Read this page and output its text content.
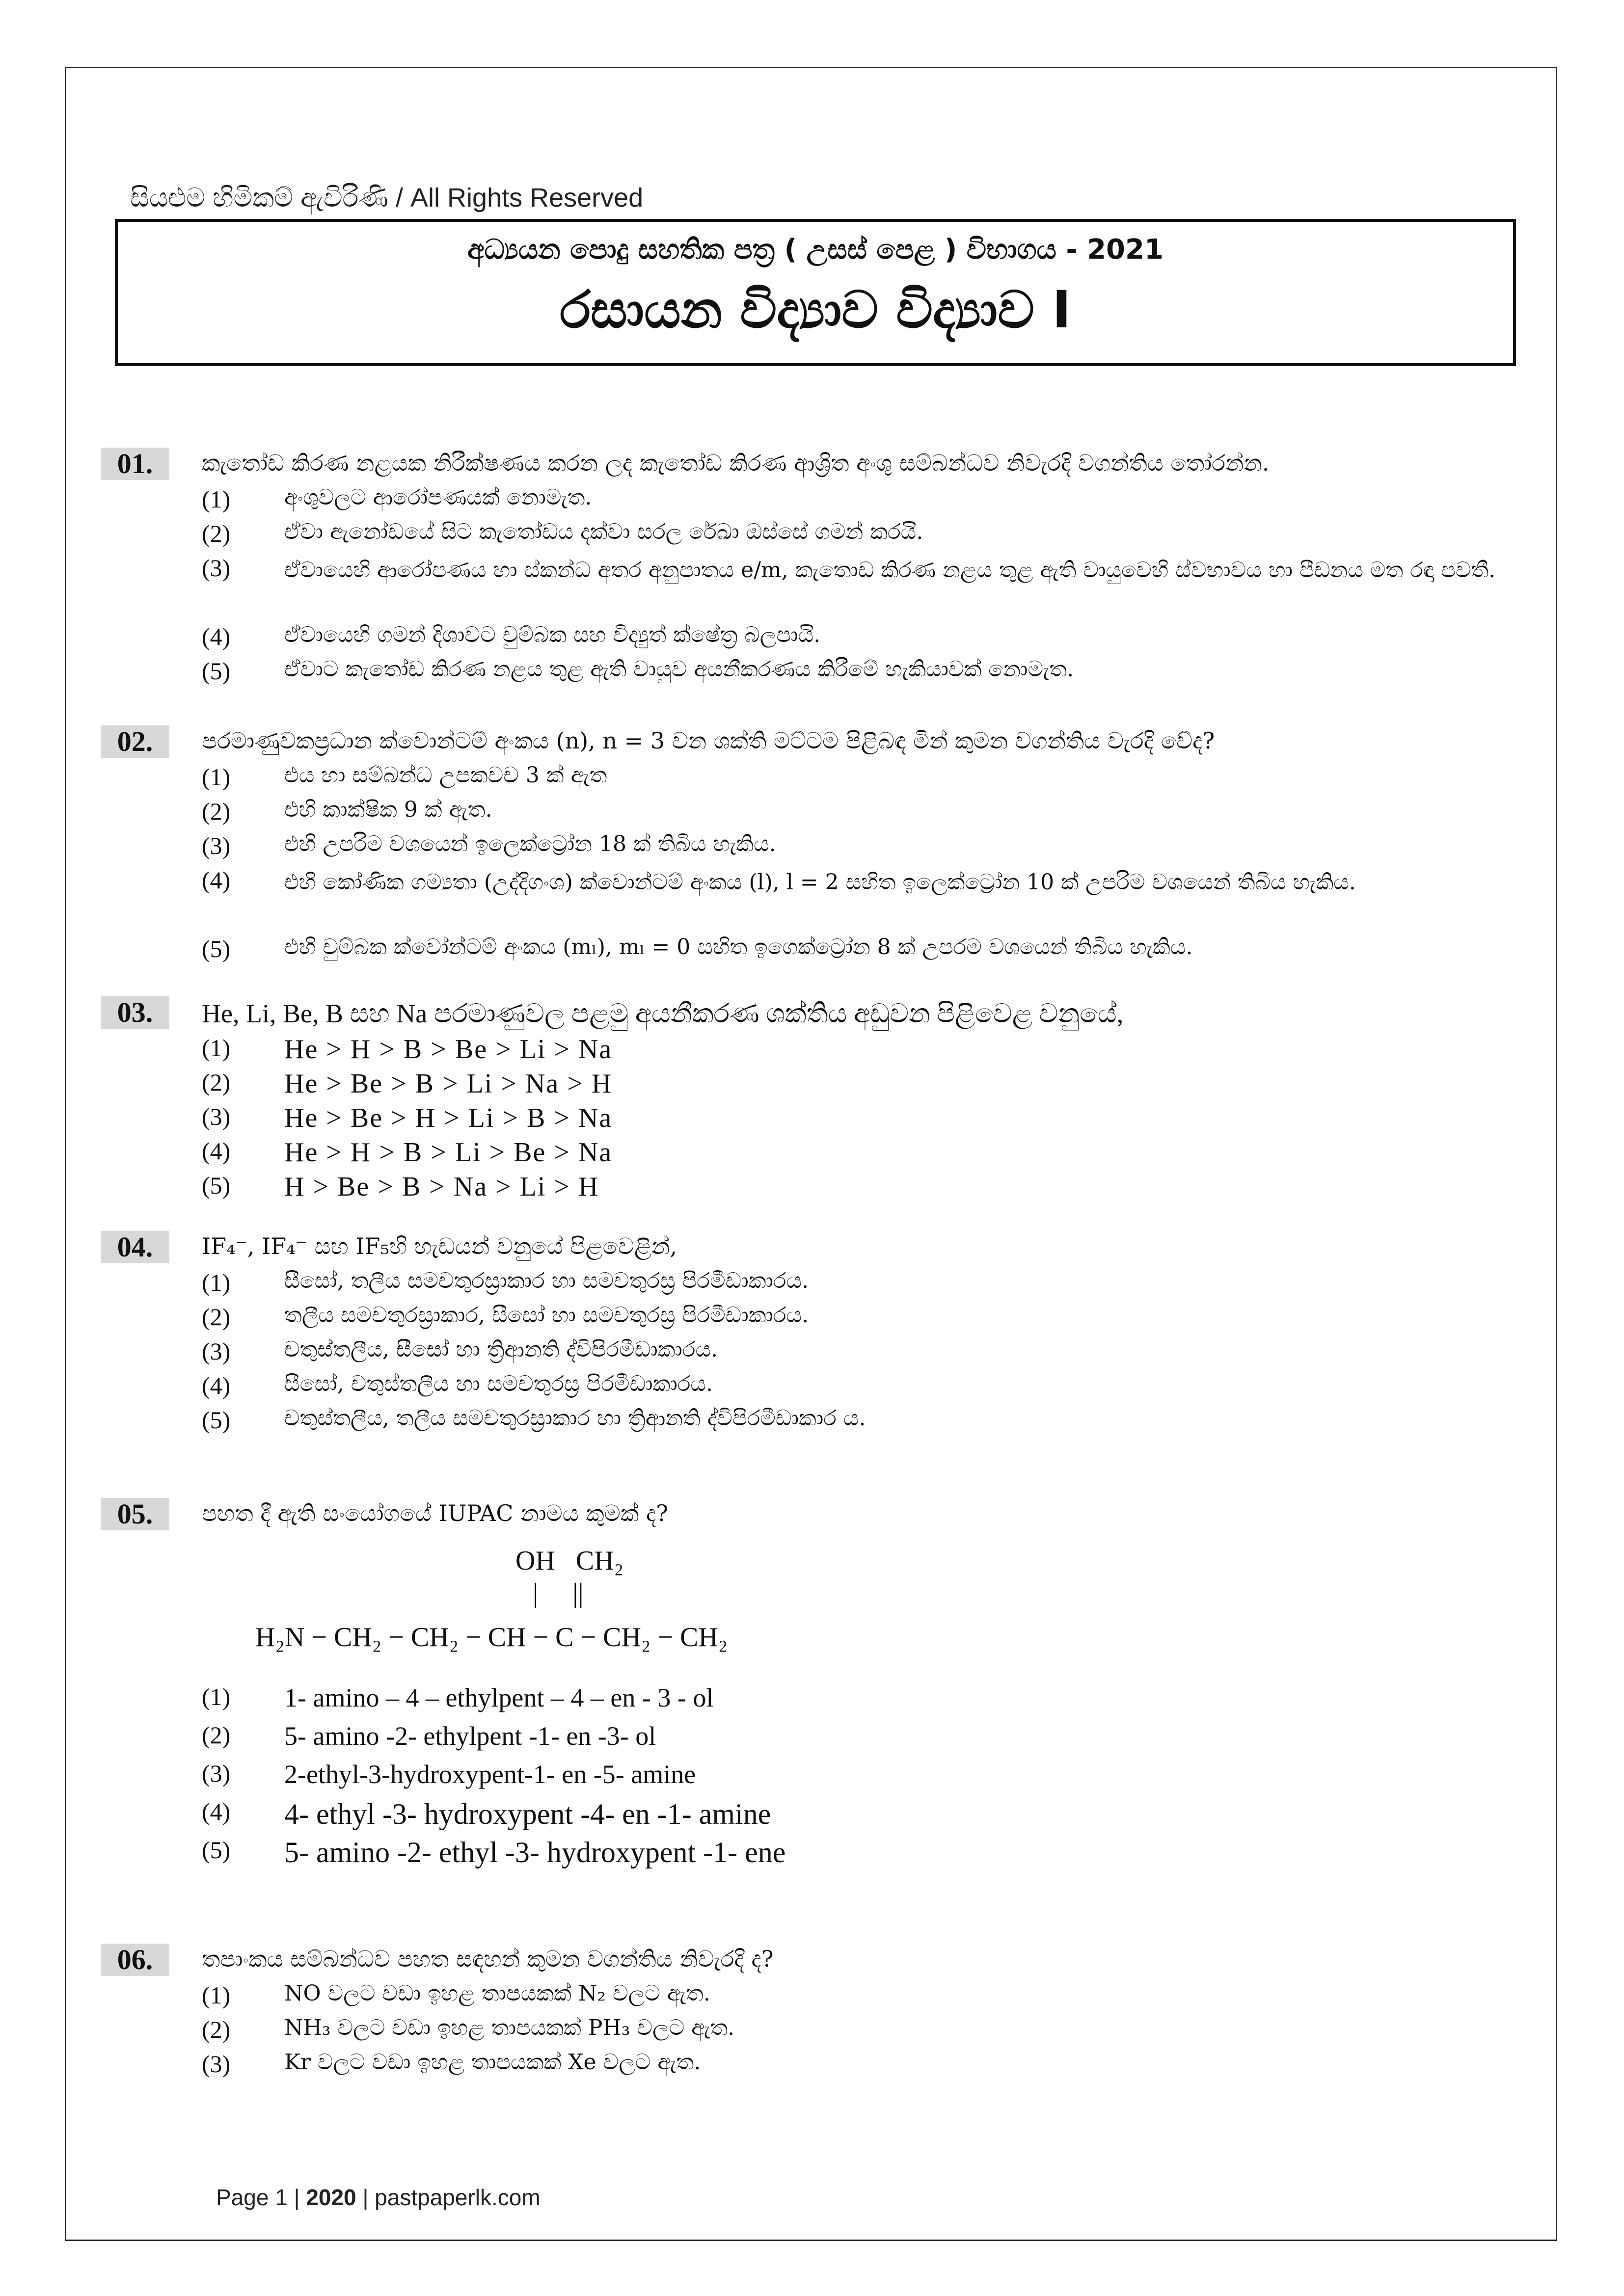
සියළුම හිමිකම් ඇවිරිණි / All Rights Reserved
අධ්‍යයන පොදු සහතික පත්‍ර ( උසස් පෙළ ) විභාගය - 2021
රසායන විද්‍යාව විද්‍යාව I
01.	කැතෝඩ කිරණ නළයක නිරීක්ෂණය කරන ලද කැතෝඩ කිරණ ආශ්‍රිත අංශු සම්බන්ධව නිවැරදි වගන්තිය තෝරන්න.
(1) අංශුවලට ආරෝපණයක් නොමැත.
(2) ඒවා ඇනෝඩයේ සිට කැතෝඩය දක්වා සරල රේඛා ඔස්සේ ගමන් කරයි.
(3) ඒවායෙහි ආරෝපණය හා ස්කන්ධ අතර අනුපාතය e/m, කැතොඩ කිරණ නළය තුළ ඇති වායුවෙහි ස්වභාවය හා පීඩනය මත රඳා පවතී.
(4) ඒවායෙහි ගමන් දිශාවට චුම්බක සහ විද්‍යුත් ක්ෂේත්‍ර බලපායි.
(5) ඒවාට කැතෝඩ කිරණ නළය තුළ ඇති වායුව අයනීකරණය කිරීමේ හැකියාවක් නොමැත.
02.	පරමාණුවකප්‍රධාන ක්වොන්ටම් අංකය (n), n = 3 වන ශක්ති මට්ටම පිළිබඳ මින් කුමන වගන්තිය වැරදි වේද?
(1) එය හා සම්බන්ධ උපකවච 3 ක් ඇත
(2) එහි කාක්ෂික 9 ක් ඇත.
(3) එහි උපරිම වශයෙන් ඉලෙක්ට්‍රෝන 18 ක් තිබිය හැකිය.
(4) එහි කෝණික ගම්‍යතා (උද්දිගංශ) ක්වොන්ටම් අංකය (l), l = 2 සහිත ඉලෙක්ට්‍රෝන 10 ක් උපරිම වශයෙන් තිබිය හැකිය.
(5) එහි චුම්බක ක්වෝන්ටම් අංකය (mₗ), mₗ = 0 සහිත ඉගෙක්ට්‍රෝන 8 ක් උපරම වශයෙන් තිබිය හැකිය.
03.	He, Li, Be, B සහ Na පරමාණුවල පළමු අයනීකරණ ශක්තිය අඩුවන පිළිවෙළ වනුයේ,
(1) He > H > B > Be > Li > Na
(2) He > Be > B > Li > Na > H
(3) He > Be > H > Li > B > Na
(4) He > H > B > Li > Be > Na
(5) H > Be > B > Na > Li > H
04.	IF₄⁻, IF₄⁻ සහ IF₅හි හැඩයන් වනුයේ පිළවෙළින්,
(1) සීසෝ, තලීය සමචතුරස්‍රාකාර හා සමචතුරස්‍ර පිරමීඩාකාරය.
(2) තලීය සමචතුරස්‍රාකාර, සීසෝ හා සමචතුරස්‍ර පිරමීඩාකාරය.
(3) චතුස්තලීය, සීසෝ හා ත්‍රිආනති ද්විපිරමීඩාකාරය.
(4) සීසෝ, චතුස්තලීය හා සමචතුරස්‍ර පිරමීඩාකාරය.
(5) චතුස්තලීය, තලීය සමචතුරස්‍රාකාර හා ත්‍රිආනති ද්විපිරමීඩාකාර ය.
05.	පහත දී ඇති සංයෝගයේ IUPAC නාමය කුමක් ද?
OH   CH₂
|     ||
H₂N − CH₂ − CH₂ − CH − C − CH₂ − CH₂
(1) 1- amino – 4 – ethylpent – 4 – en - 3 - ol
(2) 5- amino -2- ethylpent -1- en -3- ol
(3) 2-ethyl-3-hydroxypent-1- en -5- amine
(4) 4- ethyl -3- hydroxypent -4- en -1- amine
(5) 5- amino -2- ethyl -3- hydroxypent -1- ene
06.	තපාංකය සම්බන්ධව පහත සඳහන් කුමන වගන්තිය නිවැරදි ද?
(1) NO වලට වඩා ඉහළ තාපයකක් N₂ වලට ඇත.
(2) NH₃ වලට වඩා ඉහළ තාපයකක් PH₃ වලට ඇත.
(3) Kr වලට වඩා ඉහළ තාපයකක් Xe වලට ඇත.
Page 1 | 2020 | pastpaperlk.com
